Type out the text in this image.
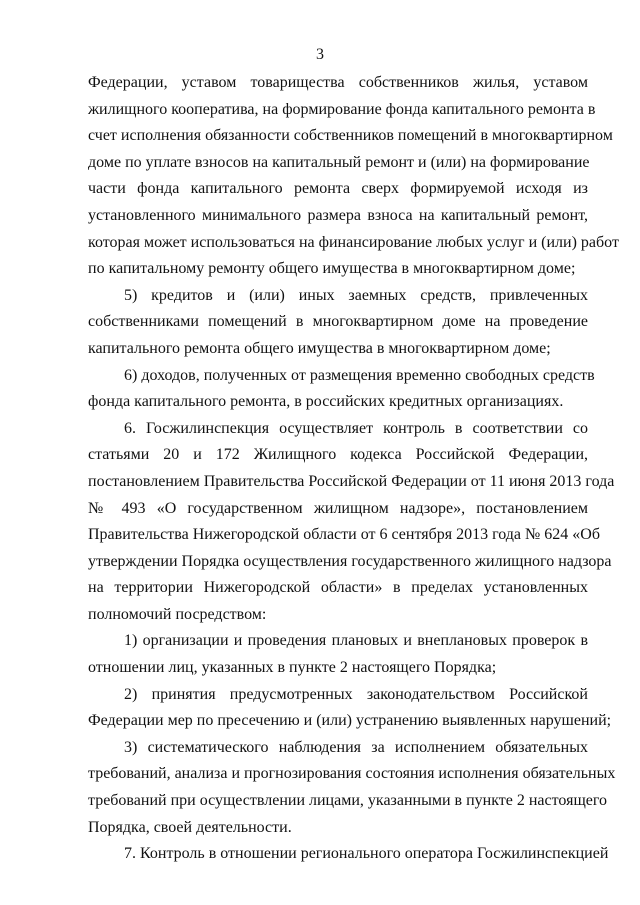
3
Федерации, уставом товарищества собственников жилья, уставом
жилищного кооператива, на формирование фонда капитального ремонта в
счет исполнения обязанности собственников помещений в многоквартирном
доме по уплате взносов на капитальный ремонт и (или) на формирование
части фонда капитального ремонта сверх формируемой исходя из
установленного минимального размера взноса на капитальный ремонт,
которая может использоваться на финансирование любых услуг и (или) работ
по капитальному ремонту общего имущества в многоквартирном доме;
5) кредитов и (или) иных заемных средств, привлеченных
собственниками помещений в многоквартирном доме на проведение
капитального ремонта общего имущества в многоквартирном доме;
6) доходов, полученных от размещения временно свободных средств
фонда капитального ремонта, в российских кредитных организациях.
6. Госжилинспекция осуществляет контроль в соответствии со
статьями 20 и 172 Жилищного кодекса Российской Федерации,
постановлением Правительства Российской Федерации от 11 июня 2013 года
№ 493 «О государственном жилищном надзоре», постановлением
Правительства Нижегородской области от 6 сентября 2013 года № 624 «Об
утверждении Порядка осуществления государственного жилищного надзора
на территории Нижегородской области» в пределах установленных
полномочий посредством:
1) организации и проведения плановых и внеплановых проверок в
отношении лиц, указанных в пункте 2 настоящего Порядка;
2) принятия предусмотренных законодательством Российской
Федерации мер по пресечению и (или) устранению выявленных нарушений;
3) систематического наблюдения за исполнением обязательных
требований, анализа и прогнозирования состояния исполнения обязательных
требований при осуществлении лицами, указанными в пункте 2 настоящего
Порядка, своей деятельности.
7. Контроль в отношении регионального оператора Госжилинспекцией
